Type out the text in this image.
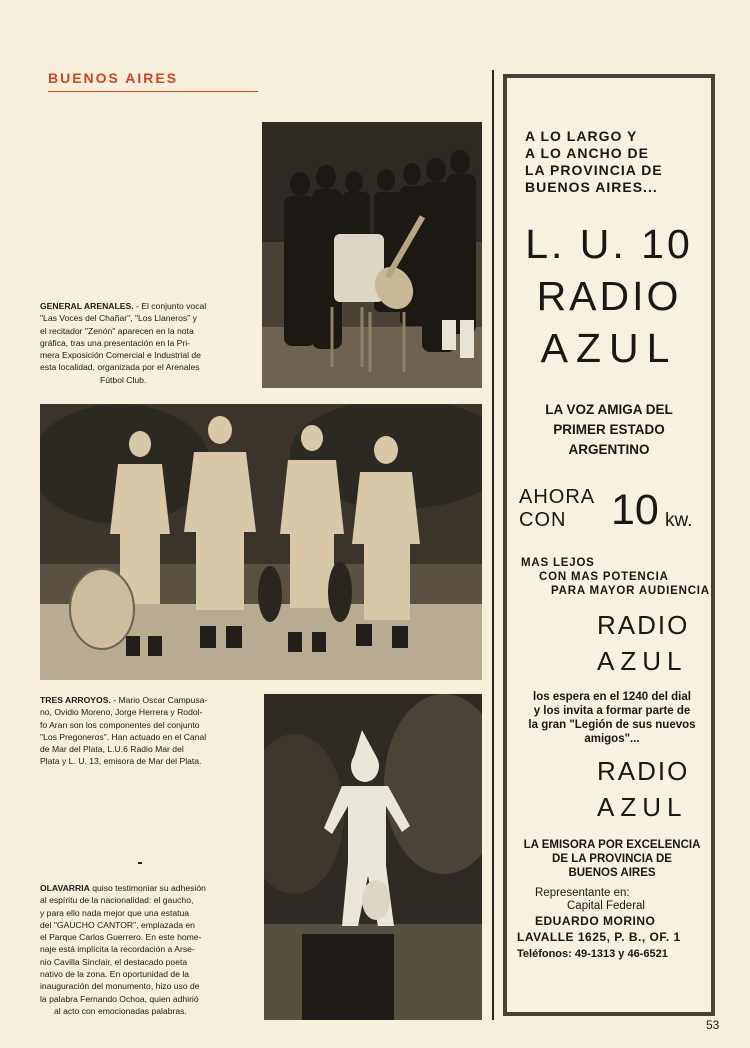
BUENOS AIRES
GENERAL ARENALES. - El conjunto vocal
"Las Voces del Chañar", "Los Llaneros" y
el recitador "Zenón" aparecen en la nota
gráfica, tras una presentación en la Pri-
mera Exposición Comercial e Industrial de
esta localidad, organizada por el Arenales
Fútbol Club.
TRES ARROYOS. - Mario Oscar Campusa-
no, Ovidio Moreno, Jorge Herrera y Rodol-
fo Aran son los componentes del conjunto
"Los Pregoneros". Han actuado en el Canal
de Mar del Plata, L.U.6 Radio Mar del
Plata y L. U. 13, emisora de Mar del Plata.
OLAVARRIA quiso testimoniar su adhesión
al espíritu de la nacionalidad: el gaucho,
y para ello nada mejor que una estatua
del "GAUCHO CANTOR", emplazada en
el Parque Carlos Guerrero. En este home-
naje está implícita la recordación a Arse-
nio Cavilla Sinclair, el destacado poeta
nativo de la zona. En oportunidad de la
inauguración del monumento, hizo uso de
la palabra Fernando Ochoa, quien adhirió
al acto con emocionadas palabras.
A LO LARGO Y
A LO ANCHO DE
LA PROVINCIA DE
BUENOS AIRES...
L. U. 10
RADIO
AZUL
LA VOZ AMIGA DEL
PRIMER ESTADO
ARGENTINO
AHORA
CON	10 kw.
MAS LEJOS
CON MAS POTENCIA
PARA MAYOR AUDIENCIA
RADIO
AZUL
los espera en el 1240 del dial
y los invita a formar parte de
la gran "Legión de sus nuevos
amigos"...
RADIO
AZUL
LA EMISORA POR EXCELENCIA
DE LA PROVINCIA DE
BUENOS AIRES
Representante en:
Capital Federal
EDUARDO MORINO
LAVALLE 1625, P. B., OF. 1
Teléfonos: 49-1313 y 46-6521
53
